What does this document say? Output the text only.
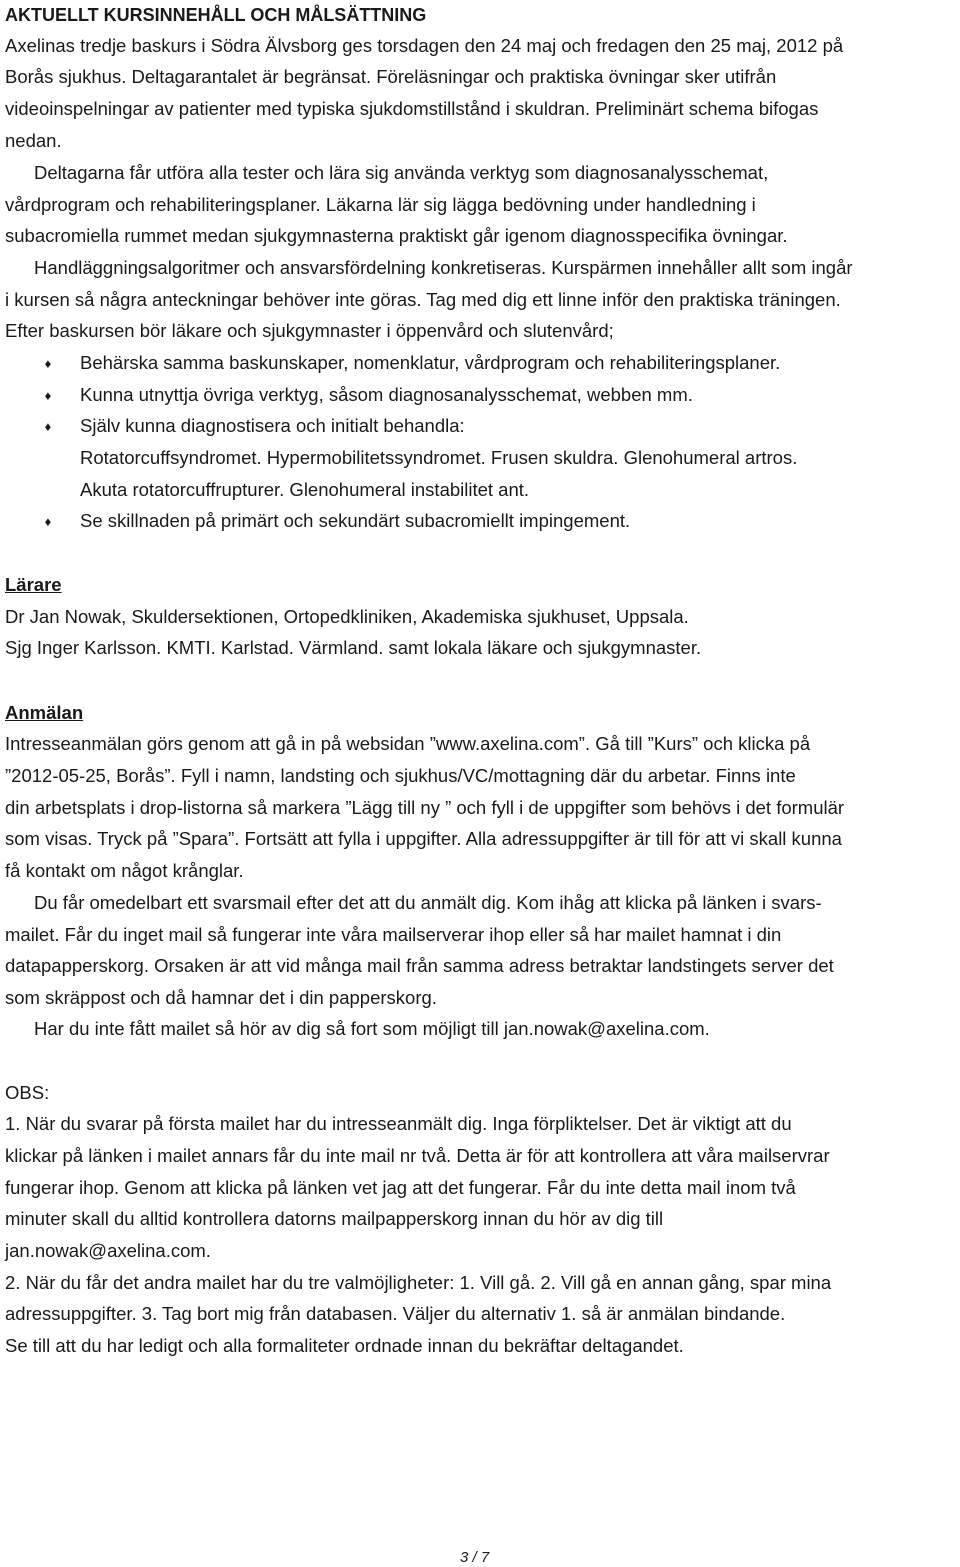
AKTUELLT KURSINNEHÅLL OCH MÅLSÄTTNING
Axelinas tredje baskurs i Södra Älvsborg ges torsdagen den 24 maj och fredagen den 25 maj, 2012 på
Borås sjukhus. Deltagarantalet är begränsat. Föreläsningar och praktiska övningar sker utifrån
videoinspelningar av patienter med typiska sjukdomstillstånd i skuldran. Preliminärt schema bifogas
nedan.
Deltagarna får utföra alla tester och lära sig använda verktyg som diagnosanalysschemat,
vårdprogram och rehabiliteringsplaner. Läkarna lär sig lägga bedövning under handledning i
subacromiella rummet medan sjukgymnasterna praktiskt går igenom diagnosspecifika övningar.
Handläggningsalgoritmer och ansvarsfördelning konkretiseras. Kurspärmen innehåller allt som ingår
i kursen så några anteckningar behöver inte göras. Tag med dig ett linne inför den praktiska träningen.
Efter baskursen bör läkare och sjukgymnaster i öppenvård och slutenvård;
♦ Behärska samma baskunskaper, nomenklatur, vårdprogram och rehabiliteringsplaner.
♦ Kunna utnyttja övriga verktyg, såsom diagnosanalysschemat, webben mm.
♦ Själv kunna diagnostisera och initialt behandla:
Rotatorcuffsyndromet. Hypermobilitetssyndromet. Frusen skuldra. Glenohumeral artros.
Akuta rotatorcuffrupturer. Glenohumeral instabilitet ant.
♦ Se skillnaden på primärt och sekundärt subacromiellt impingement.
Lärare
Dr Jan Nowak, Skuldersektionen, Ortopedkliniken, Akademiska sjukhuset, Uppsala.
Sjg Inger Karlsson. KMTI. Karlstad. Värmland. samt lokala läkare och sjukgymnaster.
Anmälan
Intresseanmälan görs genom att gå in på websidan ”www.axelina.com”. Gå till ”Kurs” och klicka på
”2012-05-25, Borås”. Fyll i namn, landsting och sjukhus/VC/mottagning där du arbetar. Finns inte
din arbetsplats i drop-listorna så markera ”Lägg till ny ” och fyll i de uppgifter som behövs i det formulär
som visas. Tryck på ”Spara”. Fortsätt att fylla i uppgifter. Alla adressuppgifter är till för att vi skall kunna
få kontakt om något krånglar.
Du får omedelbart ett svarsmail efter det att du anmält dig. Kom ihåg att klicka på länken i svars-
mailet. Får du inget mail så fungerar inte våra mailserverar ihop eller så har mailet hamnat i din
datapapperskorg. Orsaken är att vid många mail från samma adress betraktar landstingets server det
som skräppost och då hamnar det i din papperskorg.
Har du inte fått mailet så hör av dig så fort som möjligt till jan.nowak@axelina.com.
OBS:
1. När du svarar på första mailet har du intresseanmält dig. Inga förpliktelser. Det är viktigt att du
klickar på länken i mailet annars får du inte mail nr två. Detta är för att kontrollera att våra mailservrar
fungerar ihop. Genom att klicka på länken vet jag att det fungerar. Får du inte detta mail inom två
minuter skall du alltid kontrollera datorns mailpapperskorg innan du hör av dig till
jan.nowak@axelina.com.
2. När du får det andra mailet har du tre valmöjligheter: 1. Vill gå. 2. Vill gå en annan gång, spar mina
adressuppgifter. 3. Tag bort mig från databasen. Väljer du alternativ 1. så är anmälan bindande.
Se till att du har ledigt och alla formaliteter ordnade innan du bekräftar deltagandet.
3 / 7
